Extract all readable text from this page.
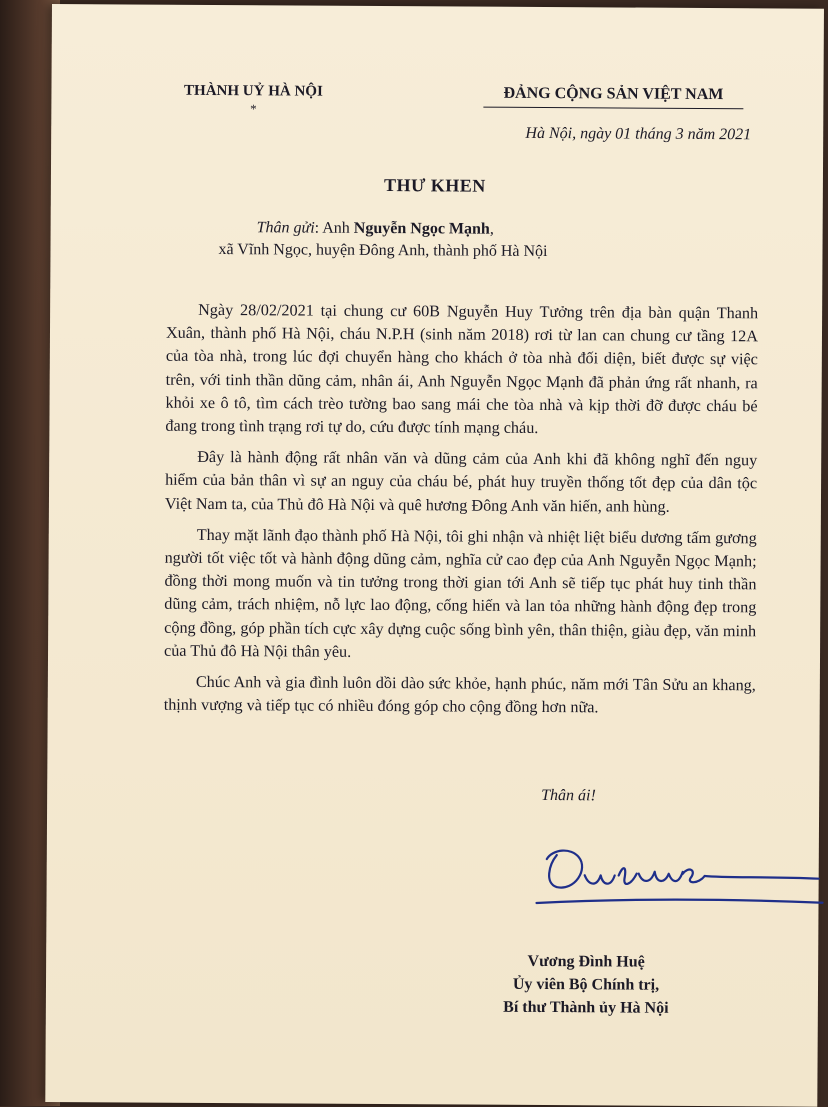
THÀNH UỶ HÀ NỘI
*
ĐẢNG CỘNG SẢN VIỆT NAM
Hà Nội, ngày 01 tháng 3 năm 2021
THƯ KHEN
Thân gửi: Anh Nguyễn Ngọc Mạnh,
xã Vĩnh Ngọc, huyện Đông Anh, thành phố Hà Nội

Ngày 28/02/2021 tại chung cư 60B Nguyễn Huy Tưởng trên địa bàn quận Thanh Xuân, thành phố Hà Nội, cháu N.P.H (sinh năm 2018) rơi từ lan can chung cư tầng 12A của tòa nhà, trong lúc đợi chuyển hàng cho khách ở tòa nhà đối diện, biết được sự việc trên, với tinh thần dũng cảm, nhân ái, Anh Nguyễn Ngọc Mạnh đã phản ứng rất nhanh, ra khỏi xe ô tô, tìm cách trèo tường bao sang mái che tòa nhà và kịp thời đỡ được cháu bé đang trong tình trạng rơi tự do, cứu được tính mạng cháu.

Đây là hành động rất nhân văn và dũng cảm của Anh khi đã không nghĩ đến nguy hiểm của bản thân vì sự an nguy của cháu bé, phát huy truyền thống tốt đẹp của dân tộc Việt Nam ta, của Thủ đô Hà Nội và quê hương Đông Anh văn hiến, anh hùng.

Thay mặt lãnh đạo thành phố Hà Nội, tôi ghi nhận và nhiệt liệt biểu dương tấm gương người tốt việc tốt và hành động dũng cảm, nghĩa cử cao đẹp của Anh Nguyễn Ngọc Mạnh; đồng thời mong muốn và tin tưởng trong thời gian tới Anh sẽ tiếp tục phát huy tinh thần dũng cảm, trách nhiệm, nỗ lực lao động, cống hiến và lan tỏa những hành động đẹp trong cộng đồng, góp phần tích cực xây dựng cuộc sống bình yên, thân thiện, giàu đẹp, văn minh của Thủ đô Hà Nội thân yêu.

Chúc Anh và gia đình luôn dồi dào sức khỏe, hạnh phúc, năm mới Tân Sửu an khang, thịnh vượng và tiếp tục có nhiều đóng góp cho cộng đồng hơn nữa.

Thân ái!
Vương Đình Huệ
Ủy viên Bộ Chính trị,
Bí thư Thành ủy Hà Nội
